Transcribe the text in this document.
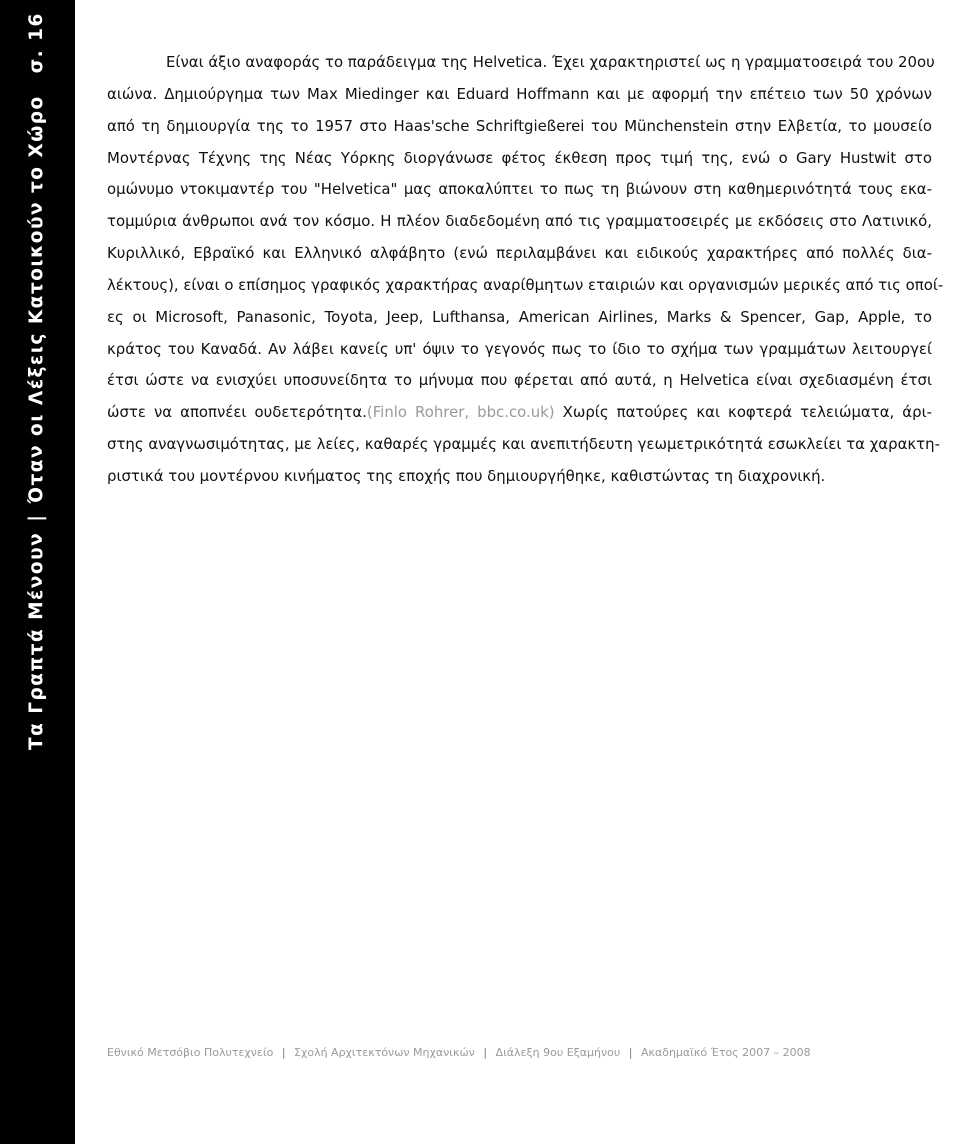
Τα Γραπτά Μένουν|Όταν οι Λέξεις Κατοικούν το Χώροσ. 16	Είναι άξιο αναφοράς το παράδειγμα της Helvetica. Έχει χαρακτηριστεί ως η γραμματοσειρά του 20ου
αιώνα. Δημιούργημα των Max Miedinger και Eduard Hoffmann και με αφορμή την επέτειο των 50 χρόνων
από τη δημιουργία της το 1957 στο Haas'sche Schriftgießerei του Münchenstein στην Ελβετία, το μουσείο
Μοντέρνας Τέχνης της Νέας Υόρκης διοργάνωσε φέτος έκθεση προς τιμή της, ενώ ο Gary Hustwit στο
ομώνυμο ντοκιμαντέρ του "Helvetica" μας αποκαλύπτει το πως τη βιώνουν στη καθημερινότητά τους εκα-
τομμύρια άνθρωποι ανά τον κόσμο. Η πλέον διαδεδομένη από τις γραμματοσειρές με εκδόσεις στο Λατινικό,
Κυριλλικό, Εβραϊκό και Ελληνικό αλφάβητο (ενώ περιλαμβάνει και ειδικούς χαρακτήρες από πολλές δια-
λέκτους), είναι ο επίσημος γραφικός χαρακτήρας αναρίθμητων εταιριών και οργανισμών μερικές από τις οποί-
ες οι Microsoft, Panasonic, Toyota, Jeep, Lufthansa, American Airlines, Marks & Spencer, Gap, Apple, το
κράτος του Καναδά. Αν λάβει κανείς υπ' όψιν το γεγονός πως το ίδιο το σχήμα των γραμμάτων λειτουργεί
έτσι ώστε να ενισχύει υποσυνείδητα το μήνυμα που φέρεται από αυτά, η Helvetica είναι σχεδιασμένη έτσι
ώστε να αποπνέει ουδετερότητα.(Finlo Rohrer, bbc.co.uk) Χωρίς πατούρες και κοφτερά τελειώματα, άρι-
στης αναγνωσιμότητας, με λείες, καθαρές γραμμές και ανεπιτήδευτη γεωμετρικότητά εσωκλείει τα χαρακτη-
ριστικά του μοντέρνου κινήματος της εποχής που δημιουργήθηκε, καθιστώντας τη διαχρονική.
Εθνικό Μετσόβιο Πολυτεχνείο | Σχολή Αρχιτεκτόνων Μηχανικών | Διάλεξη 9ου Εξαμήνου | Ακαδημαϊκό Έτος 2007 – 2008
